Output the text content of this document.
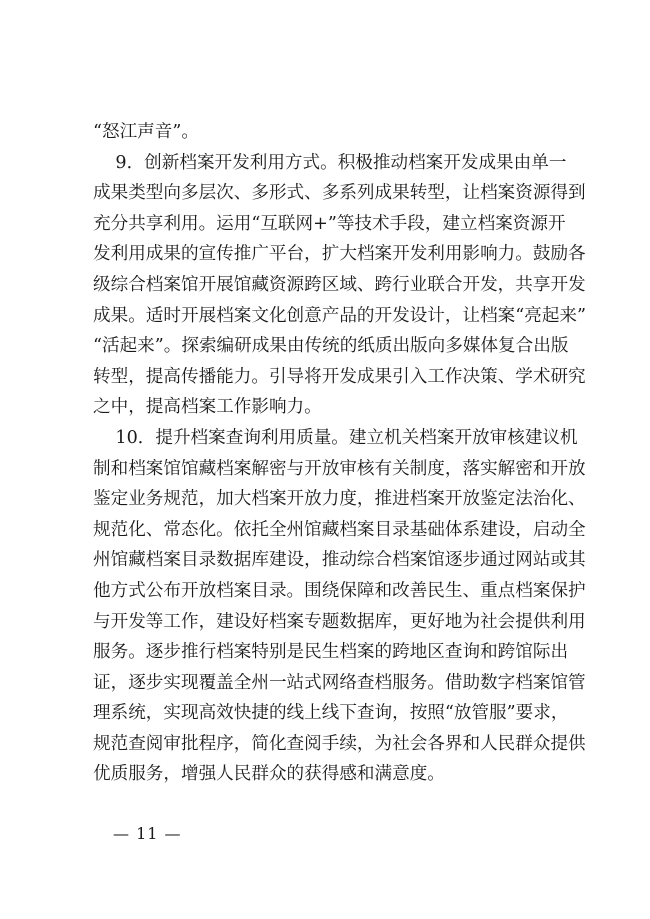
“怒江声音”。
9．创新档案开发利用方式。积极推动档案开发成果由单一
成果类型向多层次、多形式、多系列成果转型，让档案资源得到
充分共享利用。运用“互联网+”等技术手段，建立档案资源开
发利用成果的宣传推广平台，扩大档案开发利用影响力。鼓励各
级综合档案馆开展馆藏资源跨区域、跨行业联合开发，共享开发
成果。适时开展档案文化创意产品的开发设计，让档案“亮起来”
“活起来”。探索编研成果由传统的纸质出版向多媒体复合出版
转型，提高传播能力。引导将开发成果引入工作决策、学术研究
之中，提高档案工作影响力。
10．提升档案查询利用质量。建立机关档案开放审核建议机
制和档案馆馆藏档案解密与开放审核有关制度，落实解密和开放
鉴定业务规范，加大档案开放力度，推进档案开放鉴定法治化、
规范化、常态化。依托全州馆藏档案目录基础体系建设，启动全
州馆藏档案目录数据库建设，推动综合档案馆逐步通过网站或其
他方式公布开放档案目录。围绕保障和改善民生、重点档案保护
与开发等工作，建设好档案专题数据库，更好地为社会提供利用
服务。逐步推行档案特别是民生档案的跨地区查询和跨馆际出
证，逐步实现覆盖全州一站式网络查档服务。借助数字档案馆管
理系统，实现高效快捷的线上线下查询，按照“放管服”要求，
规范查阅审批程序，简化查阅手续，为社会各界和人民群众提供
优质服务，增强人民群众的获得感和满意度。
— 11 —
